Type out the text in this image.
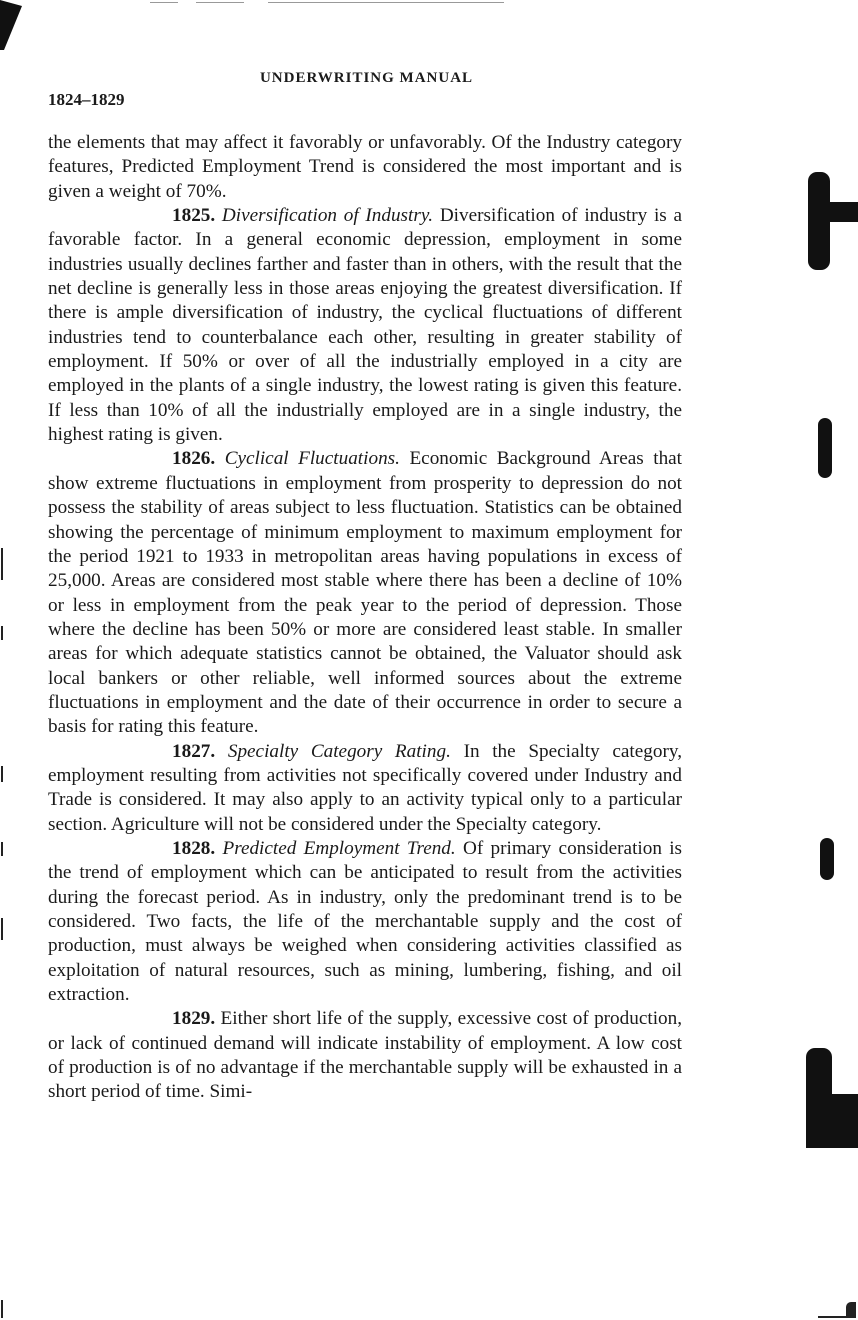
UNDERWRITING MANUAL
1824–1829

the elements that may affect it favorably or unfavorably. Of the Industry category features, Predicted Employment Trend is considered the most important and is given a weight of 70%.

1825. Diversification of Industry. Diversification of industry is a favorable factor. In a general economic depression, employment in some industries usually declines farther and faster than in others, with the result that the net decline is generally less in those areas enjoying the greatest diversification. If there is ample diversification of industry, the cyclical fluctuations of different industries tend to counterbalance each other, resulting in greater stability of employment. If 50% or over of all the industrially employed in a city are employed in the plants of a single industry, the lowest rating is given this feature. If less than 10% of all the industrially employed are in a single industry, the highest rating is given.

1826. Cyclical Fluctuations. Economic Background Areas that show extreme fluctuations in employment from prosperity to depression do not possess the stability of areas subject to less fluctuation. Statistics can be obtained showing the percentage of minimum employment to maximum employment for the period 1921 to 1933 in metropolitan areas having populations in excess of 25,000. Areas are considered most stable where there has been a decline of 10% or less in employment from the peak year to the period of depression. Those where the decline has been 50% or more are considered least stable. In smaller areas for which adequate statistics cannot be obtained, the Valuator should ask local bankers or other reliable, well informed sources about the extreme fluctuations in employment and the date of their occurrence in order to secure a basis for rating this feature.

1827. Specialty Category Rating. In the Specialty category, employment resulting from activities not specifically covered under Industry and Trade is considered. It may also apply to an activity typical only to a particular section. Agriculture will not be considered under the Specialty category.

1828. Predicted Employment Trend. Of primary consideration is the trend of employment which can be anticipated to result from the activities during the forecast period. As in industry, only the predominant trend is to be considered. Two facts, the life of the merchantable supply and the cost of production, must always be weighed when considering activities classified as exploitation of natural resources, such as mining, lumbering, fishing, and oil extraction.

1829. Either short life of the supply, excessive cost of production, or lack of continued demand will indicate instability of employment. A low cost of production is of no advantage if the merchantable supply will be exhausted in a short period of time. Simi-
